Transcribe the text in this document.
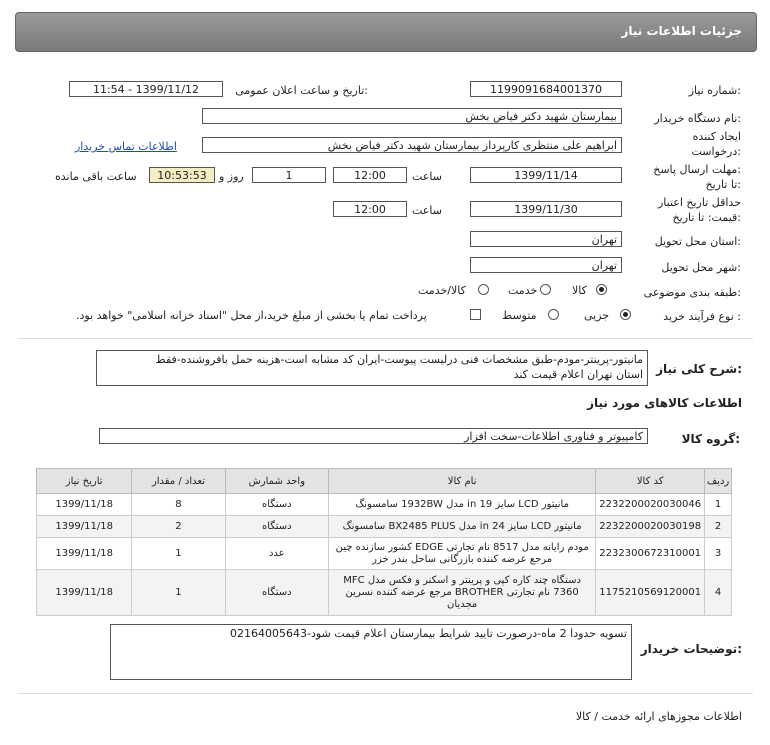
جزئیات اطلاعات نیاز
شماره نیاز:
1199091684001370
تاریخ و ساعت اعلان عمومی:
1399/11/12 - 11:54
نام دستگاه خریدار:
بیمارستان شهید دکتر فیاض بخش
ایجاد کننده
درخواست:
ابراهیم علی منتظری کارپرداز بیمارستان شهید دکتر فیاض بخش
اطلاعات تماس خریدار
مهلت ارسال پاسخ:
تا تاریخ:
1399/11/14
ساعت
12:00
1
روز و
10:53:53
ساعت باقی مانده
حداقل تاریخ اعتبار
قیمت: تا تاریخ:
1399/11/30
ساعت
12:00
استان محل تحویل:
تهران
شهر محل تحویل:
تهران
طبقه بندی موضوعی:
کالا
خدمت
کالا/خدمت
نوع فرآیند خرید :
جزیی
متوسط
پرداخت تمام یا بخشی از مبلغ خرید،از محل "اسناد خزانه اسلامی" خواهد بود.
شرح کلی نیاز:
مانیتور-پرینتر-مودم-طبق مشخصات فنی درلیست پیوست-ایران کد مشابه است-هزینه حمل بافروشنده-فقط
استان تهران اعلام قیمت کند
اطلاعات کالاهای مورد نیاز
گروه کالا:
کامپیوتر و فناوری اطلاعات-سخت افزار
ردیف	کد کالا	نام کالا	واحد شمارش	تعداد / مقدار	تاریخ نیاز
1	2232200020030046	مانیتور LCD سایز in 19 مدل 1932BW سامسونگ	دستگاه	8	1399/11/18
2	2232200020030198	مانیتور LCD سایز in 24 مدل BX2485 PLUS سامسونگ	دستگاه	2	1399/11/18
3	2232300672310001	مودم رایانه مدل 8517 نام تجارتی EDGE کشور سازنده چین مرجع عرضه کننده بازرگانی ساحل بندر خزر	عدد	1	1399/11/18
4	1175210569120001	دستگاه چند کاره کپی و پرینتر و اسکنر و فکس مدل MFC 7360 نام تجارتی BROTHER مرجع عرضه کننده نسرین مجدیان	دستگاه	1	1399/11/18
توضیحات خریدار:
تسویه حدودا 2 ماه-درصورت تایید شرایط بیمارستان اعلام قیمت شود-02164005643
اطلاعات مجوزهای ارائه خدمت / کالا
